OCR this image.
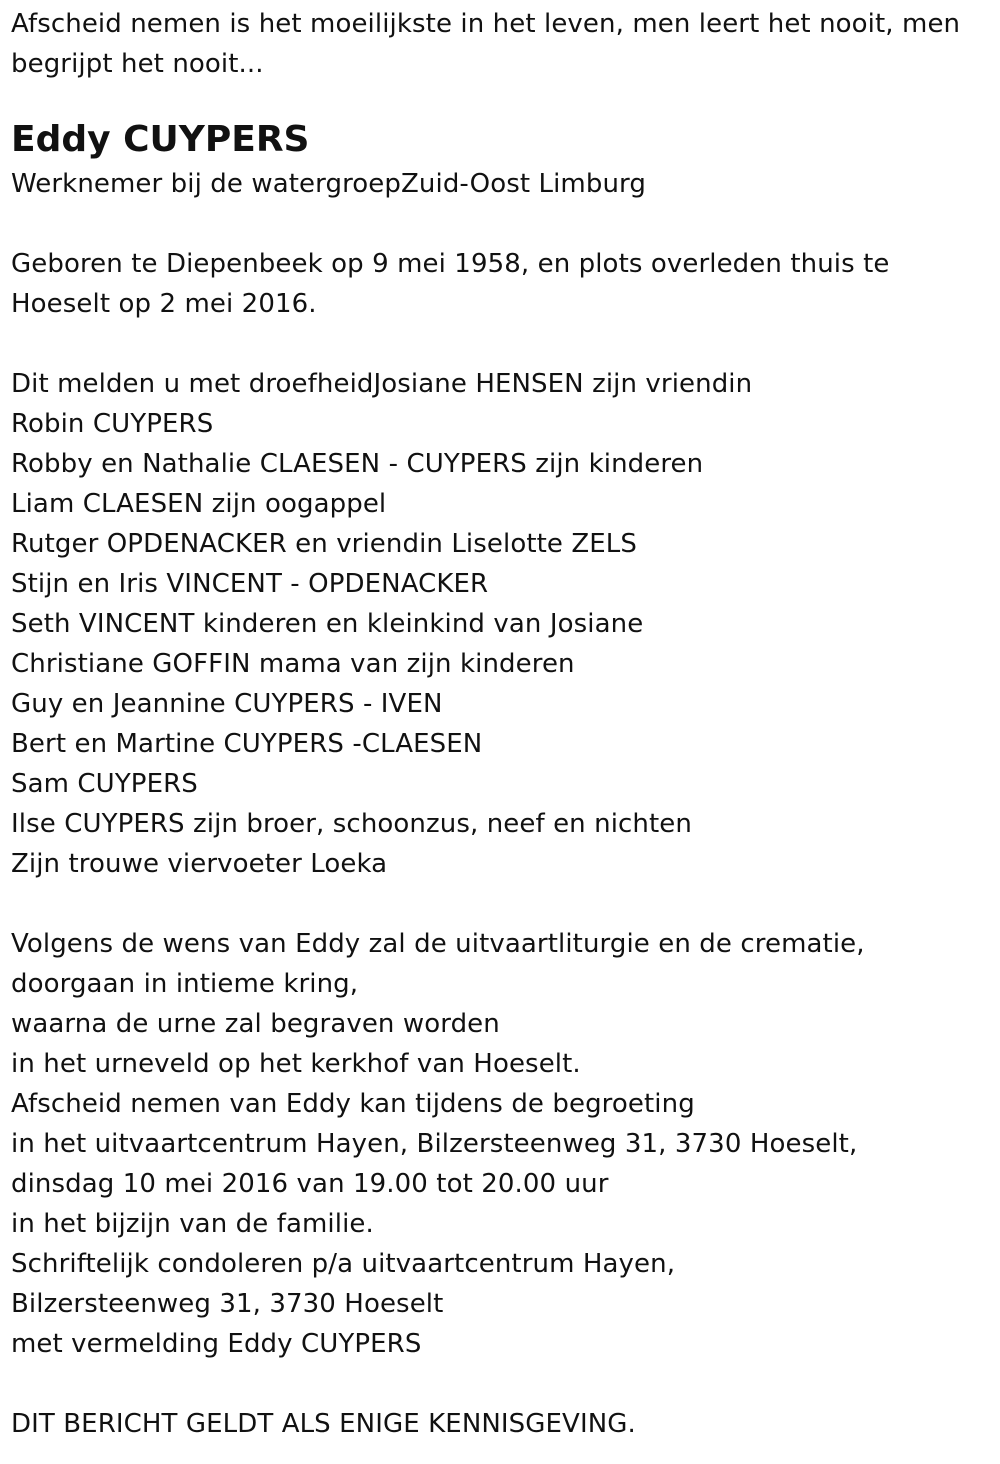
Afscheid nemen is het moeilijkste in het leven, men leert het nooit, men
begrijpt het nooit...
Eddy CUYPERS
Werknemer bij de watergroepZuid-Oost Limburg
Geboren te Diepenbeek op 9 mei 1958, en plots overleden thuis te
Hoeselt op 2 mei 2016.
Dit melden u met droefheidJosiane HENSEN zijn vriendin
Robin CUYPERS
Robby en Nathalie CLAESEN - CUYPERS zijn kinderen
Liam CLAESEN zijn oogappel
Rutger OPDENACKER en vriendin Liselotte ZELS
Stijn en Iris VINCENT - OPDENACKER
Seth VINCENT kinderen en kleinkind van Josiane
Christiane GOFFIN mama van zijn kinderen
Guy en Jeannine CUYPERS - IVEN
Bert en Martine CUYPERS -CLAESEN
Sam CUYPERS
Ilse CUYPERS zijn broer, schoonzus, neef en nichten
Zijn trouwe viervoeter Loeka
Volgens de wens van Eddy zal de uitvaartliturgie en de crematie,
doorgaan in intieme kring,
waarna de urne zal begraven worden
in het urneveld op het kerkhof van Hoeselt.
Afscheid nemen van Eddy kan tijdens de begroeting
in het uitvaartcentrum Hayen, Bilzersteenweg 31, 3730 Hoeselt,
dinsdag 10 mei 2016 van 19.00 tot 20.00 uur
in het bijzijn van de familie.
Schriftelijk condoleren p/a uitvaartcentrum Hayen,
Bilzersteenweg 31, 3730 Hoeselt
met vermelding Eddy CUYPERS
DIT BERICHT GELDT ALS ENIGE KENNISGEVING.
